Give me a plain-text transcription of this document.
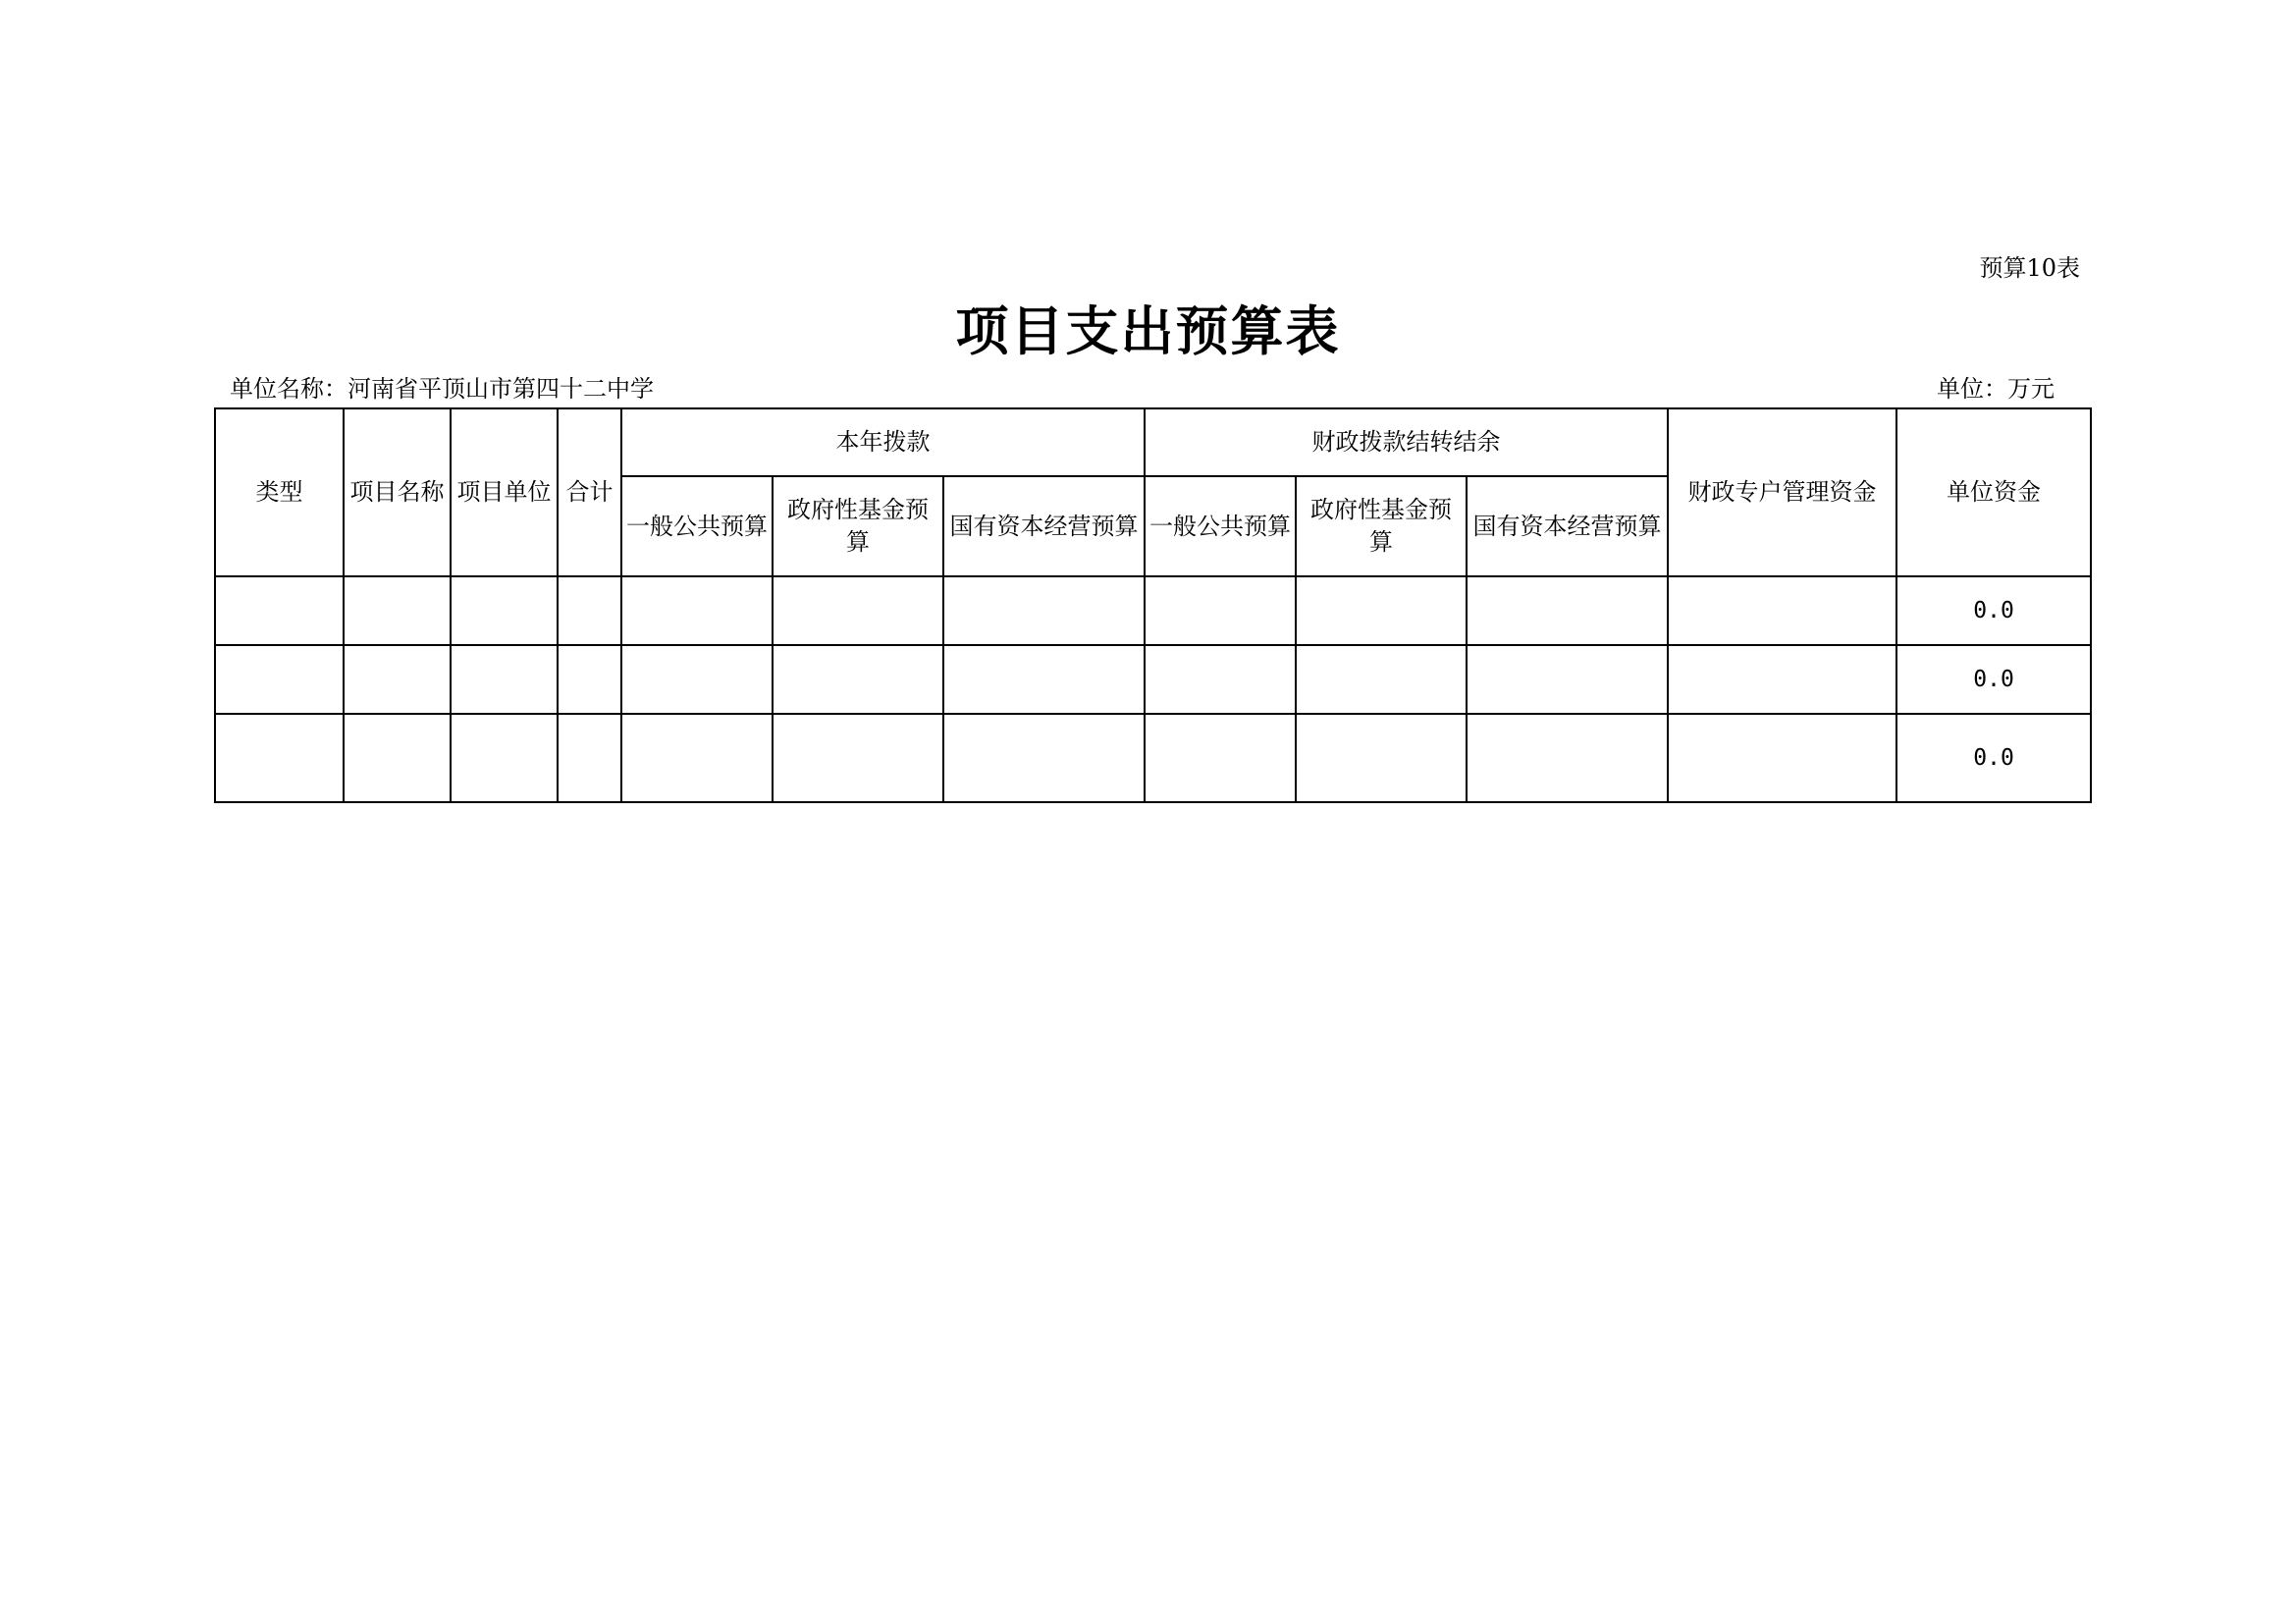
预算10表
项目支出预算表
单位名称：河南省平顶山市第四十二中学	单位：万元
类型	项目名称	项目单位	合计	本年拨款			财政拨款结转结余			财政专户管理资金	单位资金
				一般公共预算	政府性基金预算	国有资本经营预算	一般公共预算	政府性基金预算	国有资本经营预算		
											0.0
											0.0
											0.0
